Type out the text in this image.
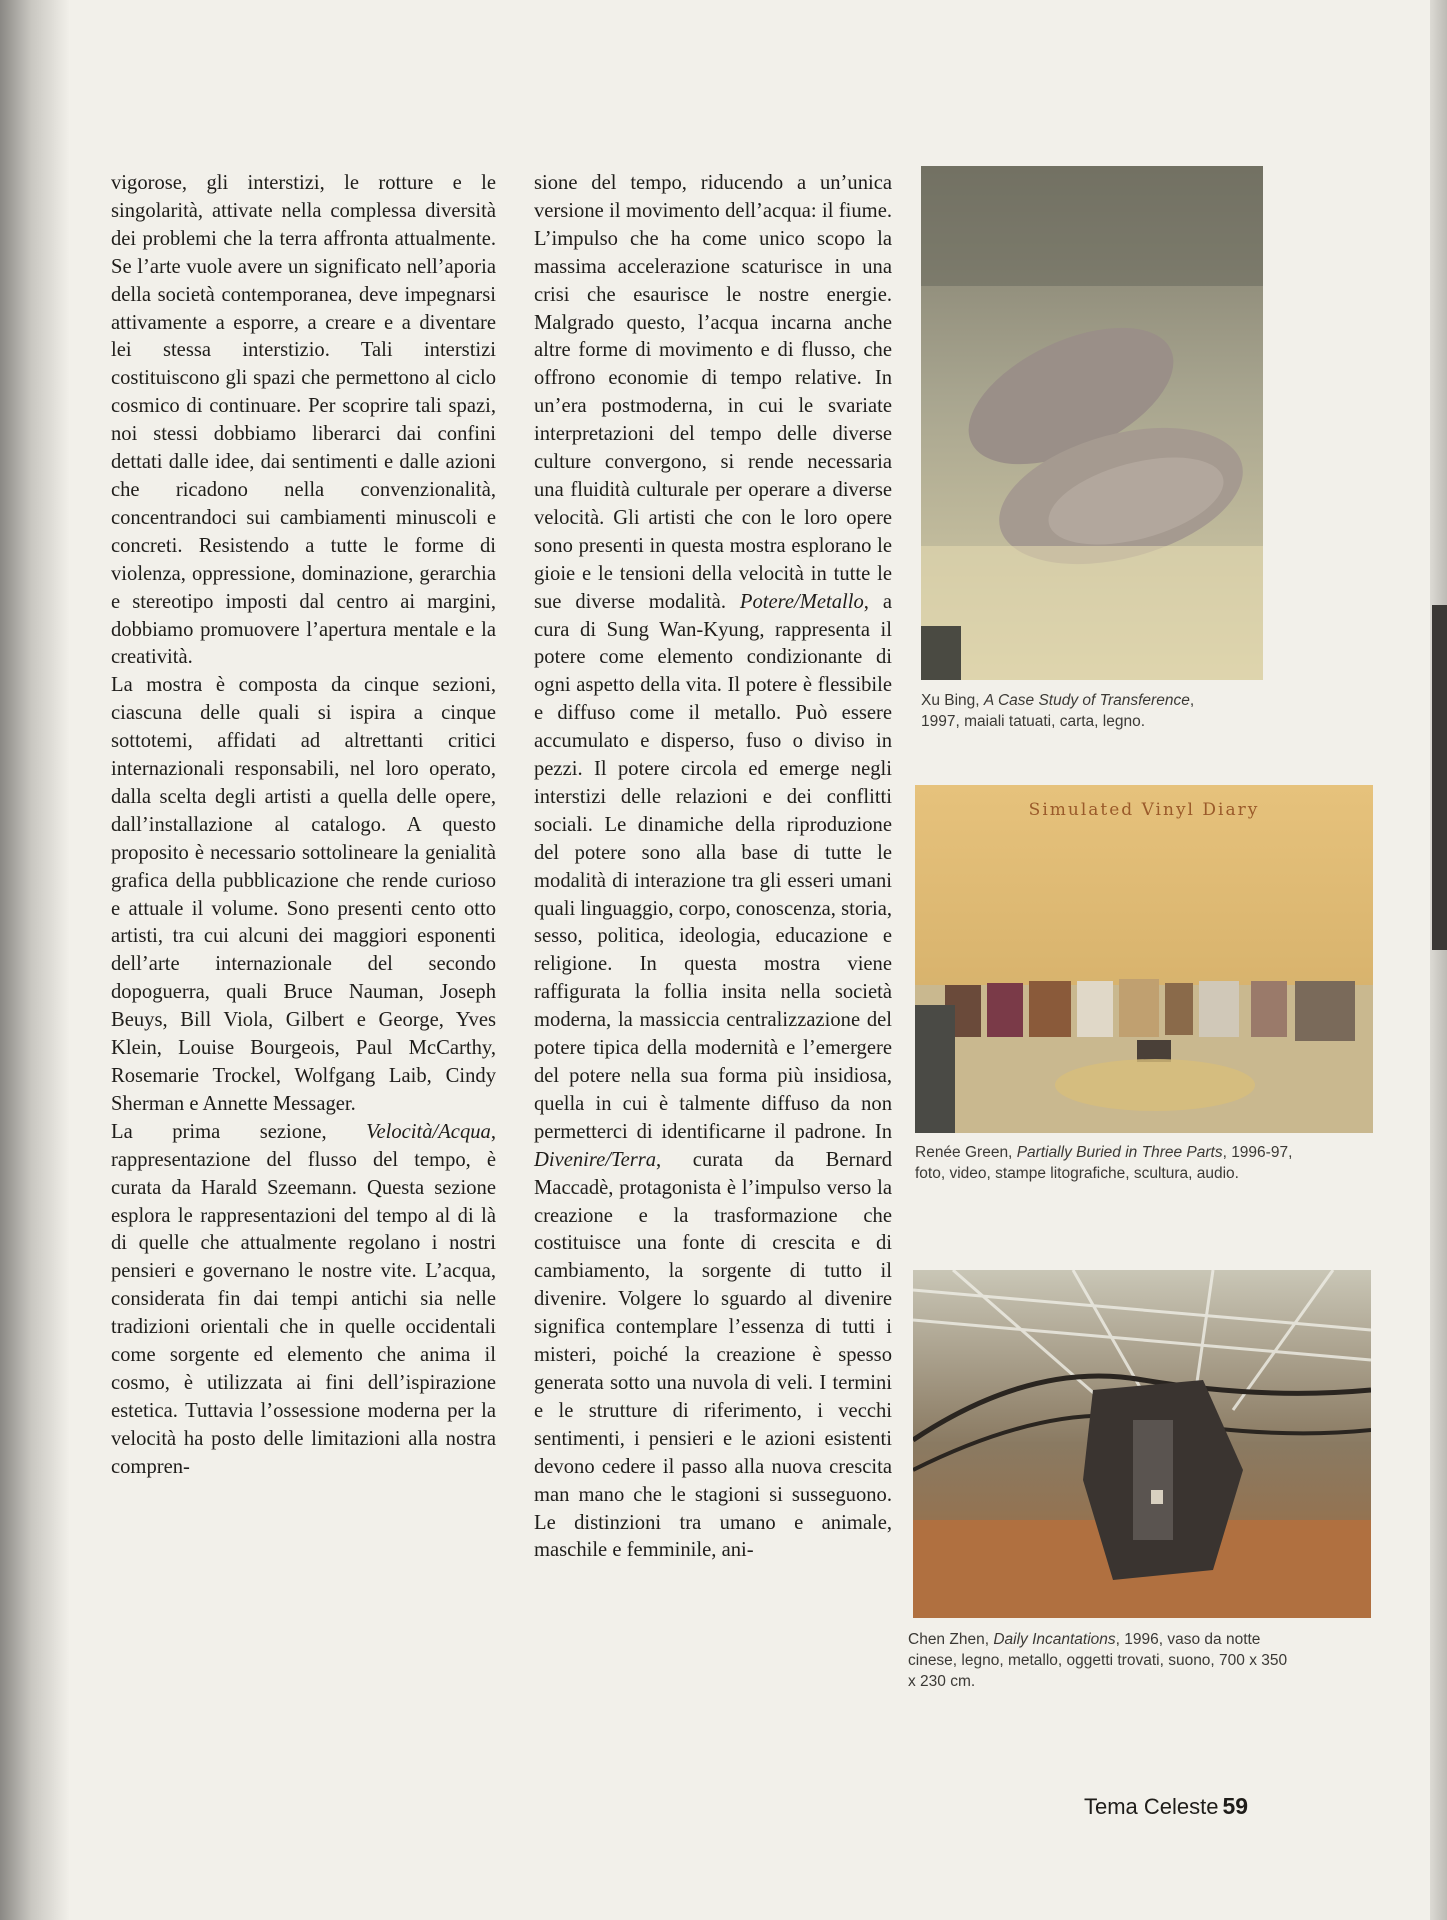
vigorose, gli interstizi, le rotture e le singolarità, attivate nella complessa diversità dei problemi che la terra affronta attualmente. Se l’arte vuole avere un significato nell’aporia della società contemporanea, deve impegnarsi attivamente a esporre, a creare e a diventare lei stessa interstizio. Tali interstizi costituiscono gli spazi che permettono al ciclo cosmico di continuare. Per scoprire tali spazi, noi stessi dobbiamo liberarci dai confini dettati dalle idee, dai sentimenti e dalle azioni che ricadono nella convenzionalità, concentrandoci sui cambiamenti minuscoli e concreti. Resistendo a tutte le forme di violenza, oppressione, dominazione, gerarchia e stereotipo imposti dal centro ai margini, dobbiamo promuovere l’apertura mentale e la creatività.

La mostra è composta da cinque sezioni, ciascuna delle quali si ispira a cinque sottotemi, affidati ad altrettanti critici internazionali responsabili, nel loro operato, dalla scelta degli artisti a quella delle opere, dall’installazione al catalogo. A questo proposito è necessario sottolineare la genialità grafica della pubblicazione che rende curioso e attuale il volume. Sono presenti cento otto artisti, tra cui alcuni dei maggiori esponenti dell’arte internazionale del secondo dopoguerra, quali Bruce Nauman, Joseph Beuys, Bill Viola, Gilbert e George, Yves Klein, Louise Bourgeois, Paul McCarthy, Rosemarie Trockel, Wolfgang Laib, Cindy Sherman e Annette Messager.

La prima sezione, Velocità/Acqua, rappresentazione del flusso del tempo, è curata da Harald Szeemann. Questa sezione esplora le rappresentazioni del tempo al di là di quelle che attualmente regolano i nostri pensieri e governano le nostre vite. L’acqua, considerata fin dai tempi antichi sia nelle tradizioni orientali che in quelle occidentali come sorgente ed elemento che anima il cosmo, è utilizzata ai fini dell’ispirazione estetica. Tuttavia l’ossessione moderna per la velocità ha posto delle limitazioni alla nostra compren-

sione del tempo, riducendo a un’unica versione il movimento dell’acqua: il fiume. L’impulso che ha come unico scopo la massima accelerazione scaturisce in una crisi che esaurisce le nostre energie. Malgrado questo, l’acqua incarna anche altre forme di movimento e di flusso, che offrono economie di tempo relative. In un’era postmoderna, in cui le svariate interpretazioni del tempo delle diverse culture convergono, si rende necessaria una fluidità culturale per operare a diverse velocità. Gli artisti che con le loro opere sono presenti in questa mostra esplorano le gioie e le tensioni della velocità in tutte le sue diverse modalità. Potere/Metallo, a cura di Sung Wan-Kyung, rappresenta il potere come elemento condizionante di ogni aspetto della vita. Il potere è flessibile e diffuso come il metallo. Può essere accumulato e disperso, fuso o diviso in pezzi. Il potere circola ed emerge negli interstizi delle relazioni e dei conflitti sociali. Le dinamiche della riproduzione del potere sono alla base di tutte le modalità di interazione tra gli esseri umani quali linguaggio, corpo, conoscenza, storia, sesso, politica, ideologia, educazione e religione. In questa mostra viene raffigurata la follia insita nella società moderna, la massiccia centralizzazione del potere tipica della modernità e l’emergere del potere nella sua forma più insidiosa, quella in cui è talmente diffuso da non permetterci di identificarne il padrone. In Divenire/Terra, curata da Bernard Maccadè, protagonista è l’impulso verso la creazione e la trasformazione che costituisce una fonte di crescita e di cambiamento, la sorgente di tutto il divenire. Volgere lo sguardo al divenire significa contemplare l’essenza di tutti i misteri, poiché la creazione è spesso generata sotto una nuvola di veli. I termini e le strutture di riferimento, i vecchi sentimenti, i pensieri e le azioni esistenti devono cedere il passo alla nuova crescita man mano che le stagioni si susseguono. Le distinzioni tra umano e animale, maschile e femminile, ani-

Xu Bing, A Case Study of Transference,
1997, maiali tatuati, carta, legno.
Simulated Vinyl Diary
Renée Green, Partially Buried in Three Parts, 1996-97, foto, video, stampe litografiche, scultura, audio.
Chen Zhen, Daily Incantations, 1996, vaso da notte cinese, legno, metallo, oggetti trovati, suono, 700 x 350 x 230 cm.
Tema Celeste 59
